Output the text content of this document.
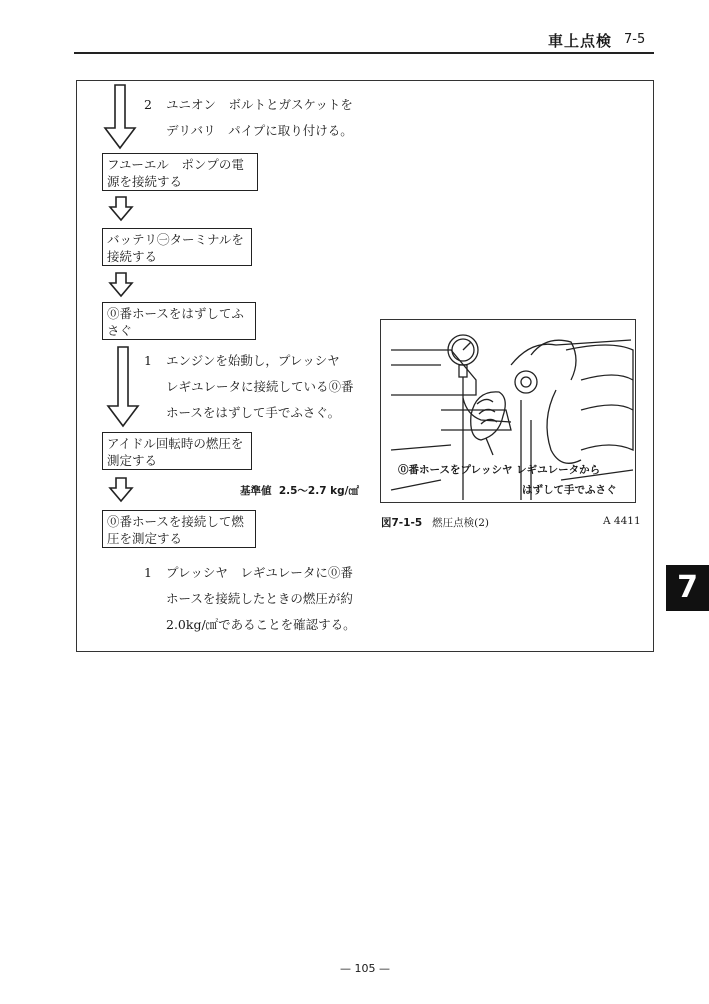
車上点検 7-5
2 ユニオン　ボルトとガスケットを
デリバリ　パイプに取り付ける。
フユーエル　ポンプの電
源を接続する
バッテリ㊀ターミナルを
接続する
⓪番ホースをはずしてふ
さぐ
アイドル回転時の燃圧を
測定する
⓪番ホースを接続して燃
圧を測定する
1 エンジンを始動し，プレッシヤ
レギユレータに接続している⓪番
ホースをはずして手でふさぐ。
基準値 2.5〜2.7 kg/㎠
1 プレッシヤ　レギユレータに⓪番
ホースを接続したときの燃圧が約
2.0kg/㎠であることを確認する。
⓪番ホースをプレッシヤ レギユレータから
はずして手でふさぐ
図7-1-5 燃圧点検(2)	A 4411
7
— 105 —
